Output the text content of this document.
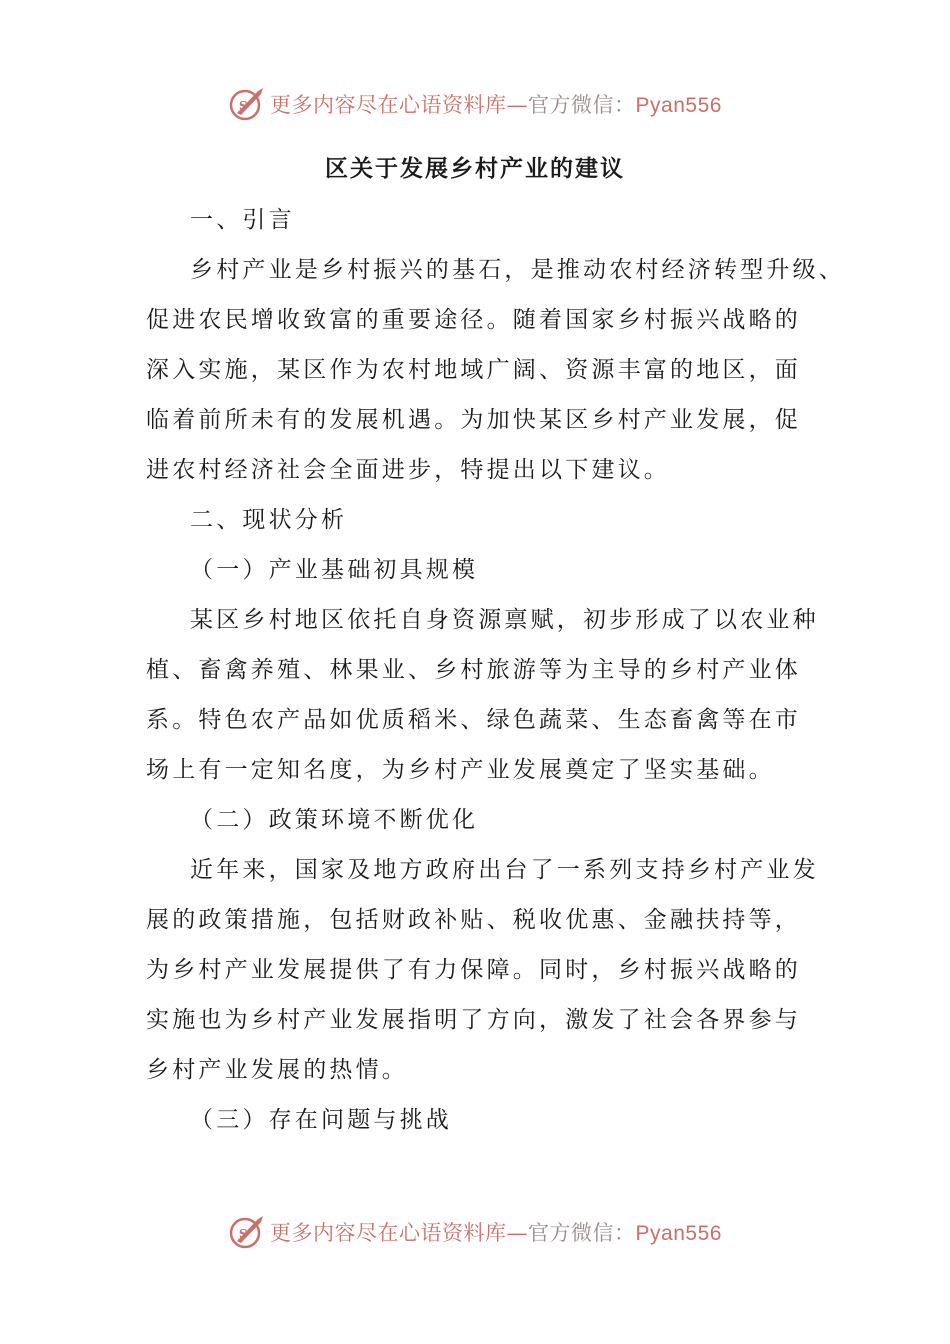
S 更多内容尽在心语资料库—官方微信：Pyan556
区关于发展乡村产业的建议
一、引言
乡村产业是乡村振兴的基石，是推动农村经济转型升级、
促进农民增收致富的重要途径。随着国家乡村振兴战略的
深入实施，某区作为农村地域广阔、资源丰富的地区，面
临着前所未有的发展机遇。为加快某区乡村产业发展，促
进农村经济社会全面进步，特提出以下建议。
二、现状分析
（一）产业基础初具规模
某区乡村地区依托自身资源禀赋，初步形成了以农业种
植、畜禽养殖、林果业、乡村旅游等为主导的乡村产业体
系。特色农产品如优质稻米、绿色蔬菜、生态畜禽等在市
场上有一定知名度，为乡村产业发展奠定了坚实基础。
（二）政策环境不断优化
近年来，国家及地方政府出台了一系列支持乡村产业发
展的政策措施，包括财政补贴、税收优惠、金融扶持等，
为乡村产业发展提供了有力保障。同时，乡村振兴战略的
实施也为乡村产业发展指明了方向，激发了社会各界参与
乡村产业发展的热情。
（三）存在问题与挑战
S 更多内容尽在心语资料库—官方微信：Pyan556
